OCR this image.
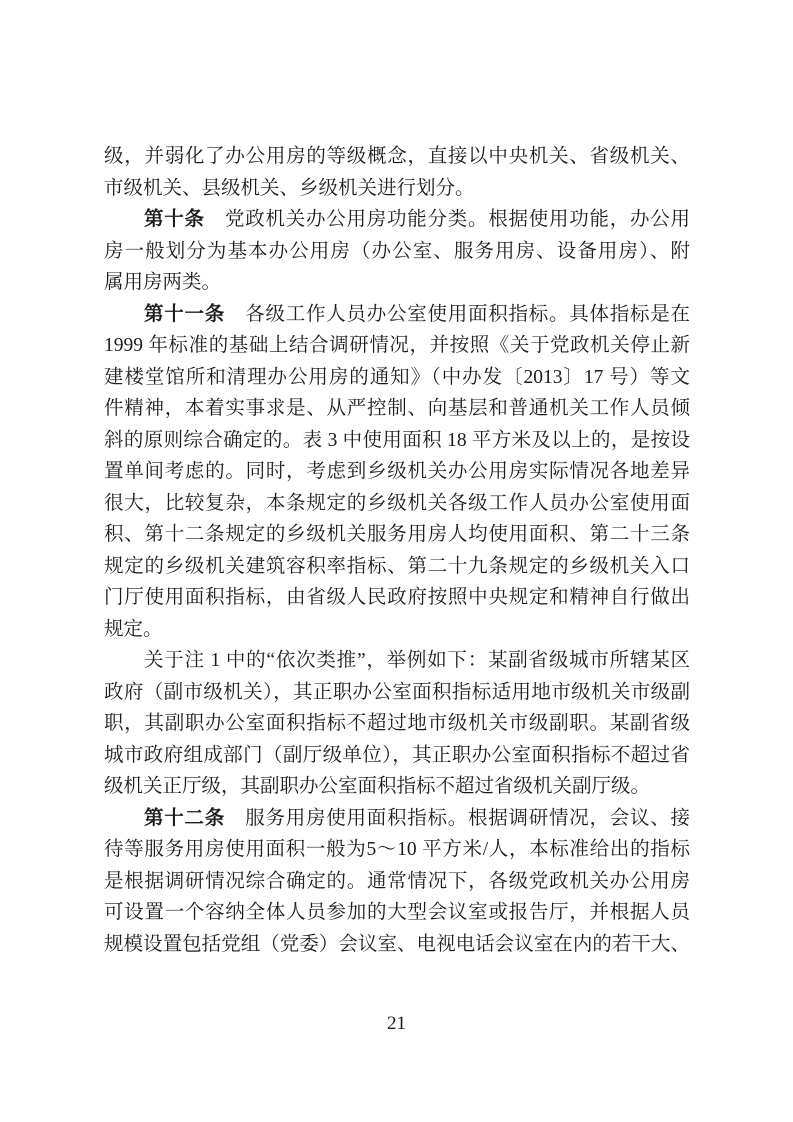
级，并弱化了办公用房的等级概念，直接以中央机关、省级机关、
市级机关、县级机关、乡级机关进行划分。
第十条　党政机关办公用房功能分类。根据使用功能，办公用
房一般划分为基本办公用房（办公室、服务用房、设备用房）、附
属用房两类。
第十一条　各级工作人员办公室使用面积指标。具体指标是在
1999 年标准的基础上结合调研情况，并按照《关于党政机关停止新
建楼堂馆所和清理办公用房的通知》（中办发〔2013〕17 号）等文
件精神，本着实事求是、从严控制、向基层和普通机关工作人员倾
斜的原则综合确定的。表 3 中使用面积 18 平方米及以上的，是按设
置单间考虑的。同时，考虑到乡级机关办公用房实际情况各地差异
很大，比较复杂，本条规定的乡级机关各级工作人员办公室使用面
积、第十二条规定的乡级机关服务用房人均使用面积、第二十三条
规定的乡级机关建筑容积率指标、第二十九条规定的乡级机关入口
门厅使用面积指标，由省级人民政府按照中央规定和精神自行做出
规定。
关于注 1 中的“依次类推”，举例如下：某副省级城市所辖某区
政府（副市级机关），其正职办公室面积指标适用地市级机关市级副
职，其副职办公室面积指标不超过地市级机关市级副职。某副省级
城市政府组成部门（副厅级单位），其正职办公室面积指标不超过省
级机关正厅级，其副职办公室面积指标不超过省级机关副厅级。
第十二条　服务用房使用面积指标。根据调研情况，会议、接
待等服务用房使用面积一般为5～10 平方米/人，本标准给出的指标
是根据调研情况综合确定的。通常情况下，各级党政机关办公用房
可设置一个容纳全体人员参加的大型会议室或报告厅，并根据人员
规模设置包括党组（党委）会议室、电视电话会议室在内的若干大、
21
